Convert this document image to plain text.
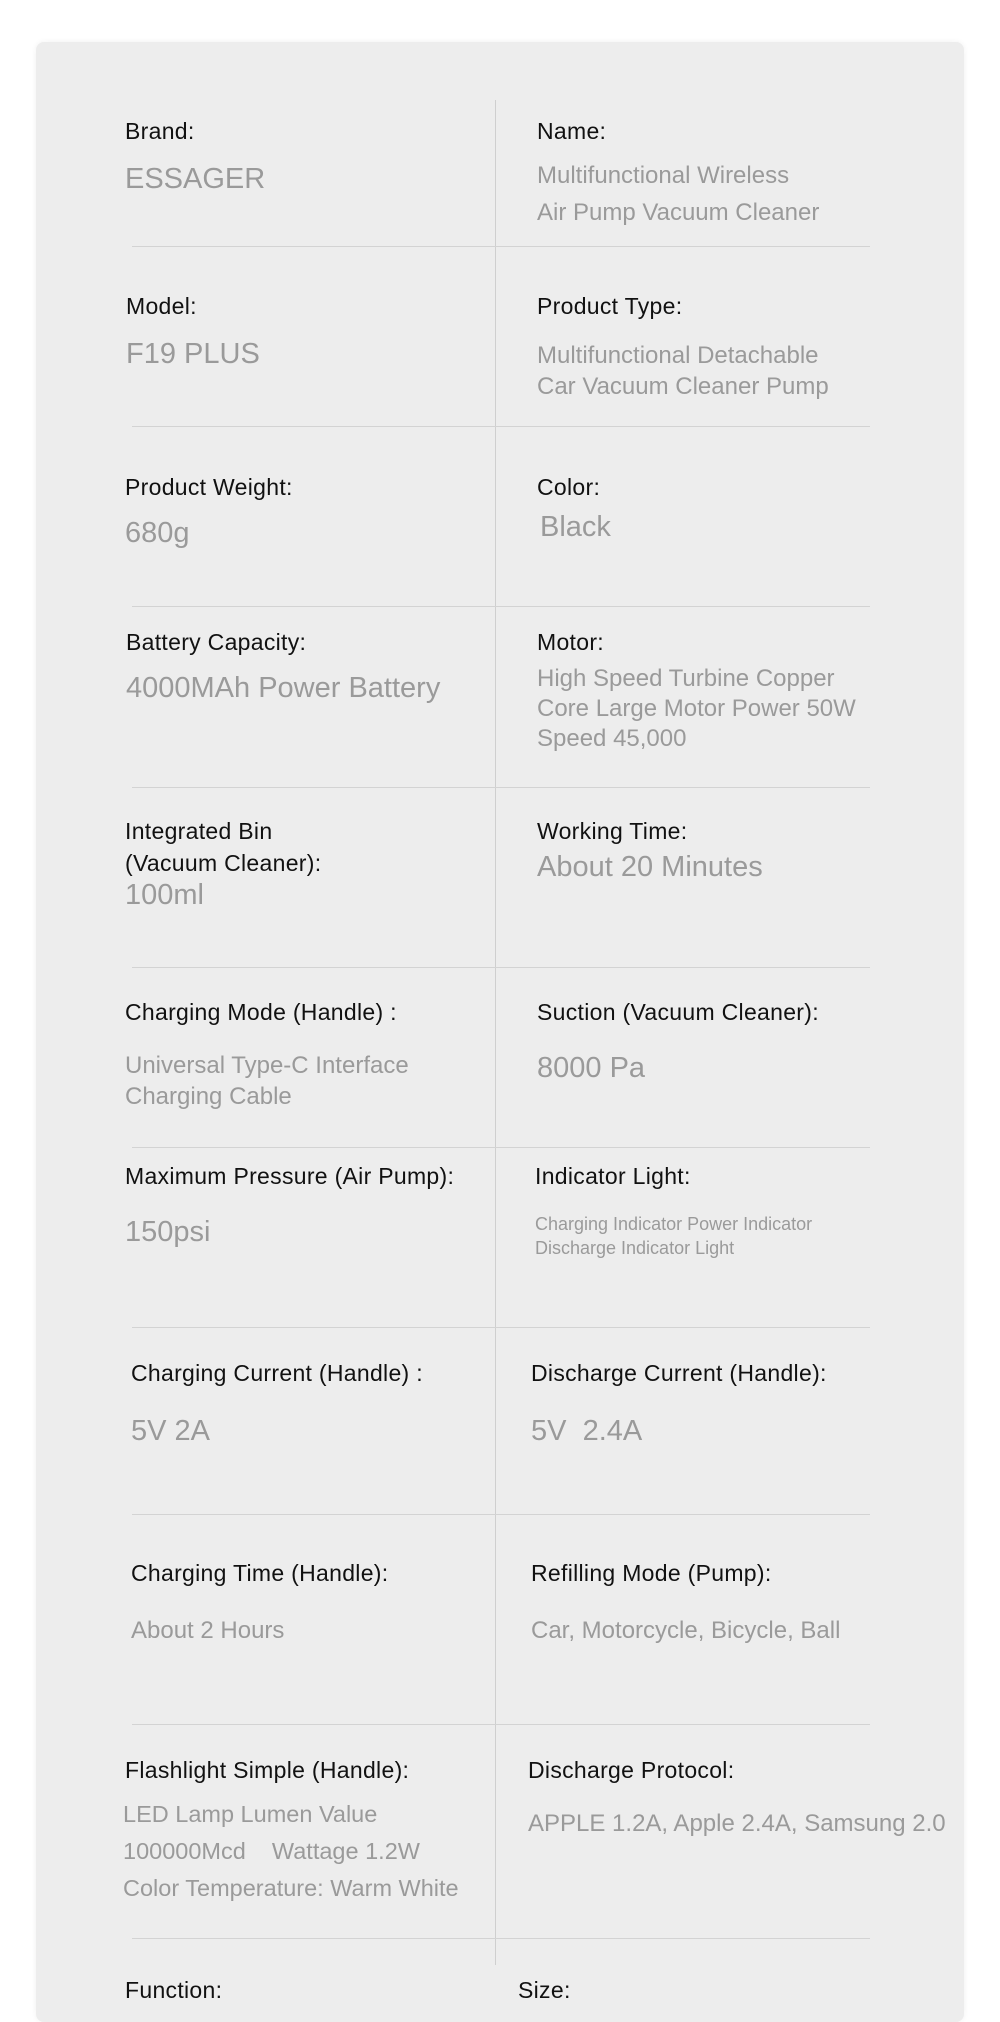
Brand:

ESSAGER

Name:

Multifunctional Wireless
Air Pump Vacuum Cleaner

Model:

F19 PLUS

Product Type:

Multifunctional Detachable
Car Vacuum Cleaner Pump

Product Weight:

680g

Color:

Black

Battery Capacity:

4000MAh Power Battery

Motor:

High Speed Turbine Copper
Core Large Motor Power 50W
Speed 45,000

Integrated Bin
(Vacuum Cleaner):

100ml

Working Time:

About 20 Minutes

Charging Mode (Handle) :

Universal Type-C Interface
Charging Cable

Suction (Vacuum Cleaner):

8000 Pa

Maximum Pressure (Air Pump):

150psi

Indicator Light:

Charging Indicator Power Indicator
Discharge Indicator Light

Charging Current (Handle) :

5V 2A

Discharge Current (Handle):

5V  2.4A

Charging Time (Handle):

About 2 Hours

Refilling Mode (Pump):

Car, Motorcycle, Bicycle, Ball

Flashlight Simple (Handle):

LED Lamp Lumen Value
100000Mcd    Wattage 1.2W
Color Temperature: Warm White

Discharge Protocol:

APPLE 1.2A, Apple 2.4A, Samsung 2.0

Function:	Size:
